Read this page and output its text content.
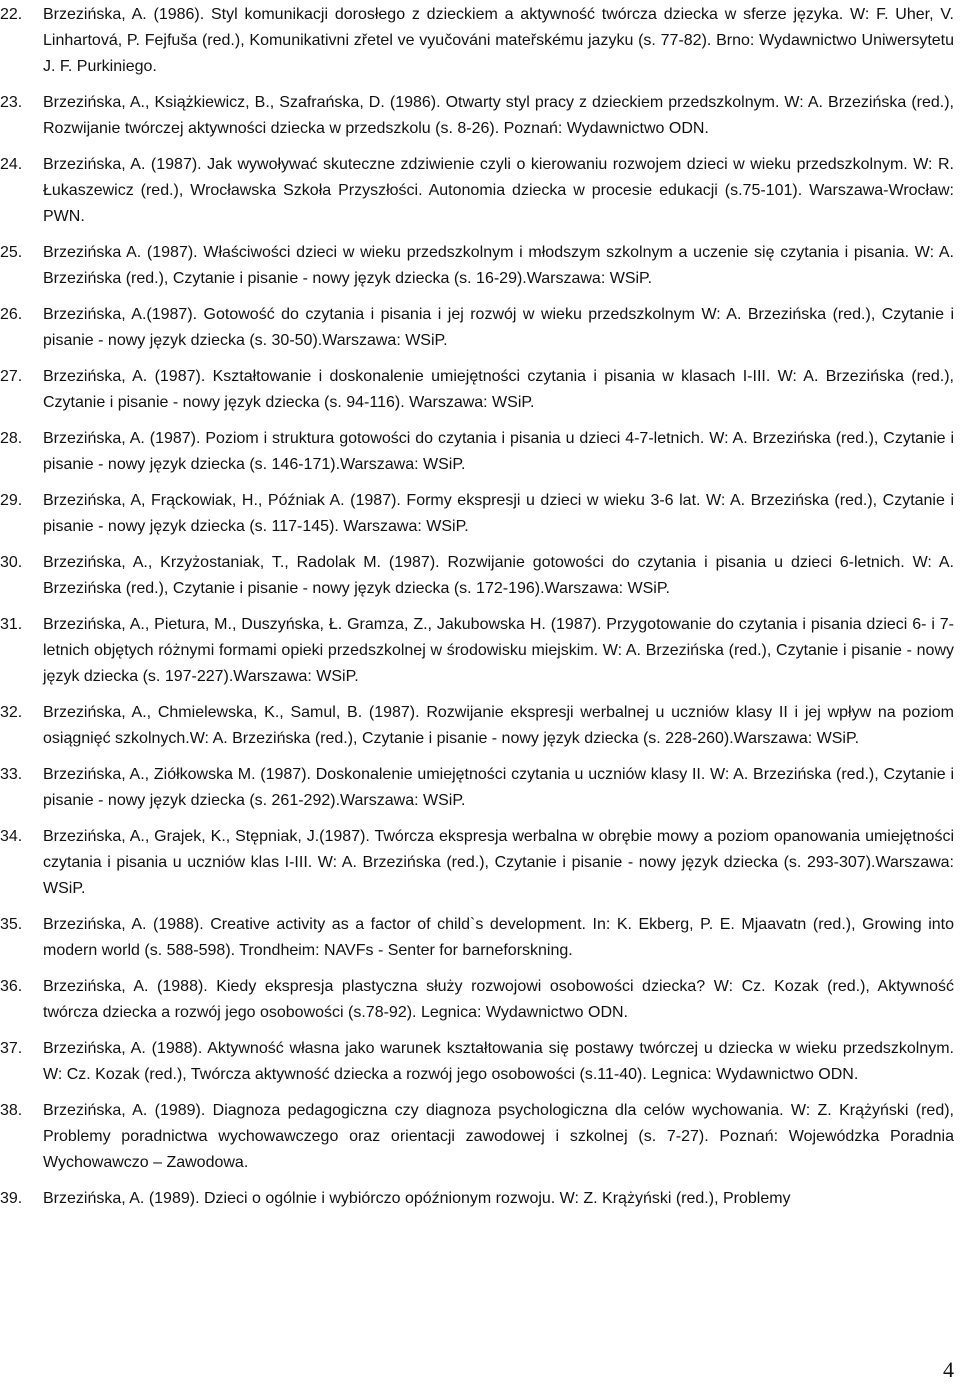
22. Brzezińska, A. (1986). Styl komunikacji dorosłego z dzieckiem a aktywność twórcza dziecka w sferze języka. W: F. Uher, V. Linhartová, P. Fejfuša (red.), Komunikativni zřetel ve vyučováni mateřskému jazyku (s. 77-82). Brno: Wydawnictwo Uniwersytetu J. F. Purkiniego.
23. Brzezińska, A., Książkiewicz, B., Szafrańska, D. (1986). Otwarty styl pracy z dzieckiem przedszkolnym. W: A. Brzezińska (red.), Rozwijanie twórczej aktywności dziecka w przedszkolu (s. 8-26). Poznań: Wydawnictwo ODN.
24. Brzezińska, A. (1987). Jak wywoływać skuteczne zdziwienie czyli o kierowaniu rozwojem dzieci w wieku przedszkolnym. W: R. Łukaszewicz (red.), Wrocławska Szkoła Przyszłości. Autonomia dziecka w procesie edukacji (s.75-101). Warszawa-Wrocław: PWN.
25. Brzezińska A. (1987). Właściwości dzieci w wieku przedszkolnym i młodszym szkolnym a uczenie się czytania i pisania. W: A. Brzezińska (red.), Czytanie i pisanie - nowy język dziecka (s. 16-29).Warszawa: WSiP.
26. Brzezińska, A.(1987). Gotowość do czytania i pisania i jej rozwój w wieku przedszkolnym W: A. Brzezińska (red.), Czytanie i pisanie - nowy język dziecka (s. 30-50).Warszawa: WSiP.
27. Brzezińska, A. (1987). Kształtowanie i doskonalenie umiejętności czytania i pisania w klasach I-III. W: A. Brzezińska (red.), Czytanie i pisanie - nowy język dziecka (s. 94-116). Warszawa: WSiP.
28. Brzezińska, A. (1987). Poziom i struktura gotowości do czytania i pisania u dzieci 4-7-letnich. W: A. Brzezińska (red.), Czytanie i pisanie - nowy język dziecka (s. 146-171).Warszawa: WSiP.
29. Brzezińska, A, Frąckowiak, H., Późniak A. (1987). Formy ekspresji u dzieci w wieku 3-6 lat. W: A. Brzezińska (red.), Czytanie i pisanie - nowy język dziecka (s. 117-145). Warszawa: WSiP.
30. Brzezińska, A., Krzyżostaniak, T., Radolak M. (1987). Rozwijanie gotowości do czytania i pisania u dzieci 6-letnich. W: A. Brzezińska (red.), Czytanie i pisanie - nowy język dziecka (s. 172-196).Warszawa: WSiP.
31. Brzezińska, A., Pietura, M., Duszyńska, Ł. Gramza, Z., Jakubowska H. (1987). Przygotowanie do czytania i pisania dzieci 6- i 7-letnich objętych różnymi formami opieki przedszkolnej w środowisku miejskim. W: A. Brzezińska (red.), Czytanie i pisanie - nowy język dziecka (s. 197-227).Warszawa: WSiP.
32. Brzezińska, A., Chmielewska, K., Samul, B. (1987). Rozwijanie ekspresji werbalnej u uczniów klasy II i jej wpływ na poziom osiągnięć szkolnych.W: A. Brzezińska (red.), Czytanie i pisanie - nowy język dziecka (s. 228-260).Warszawa: WSiP.
33. Brzezińska, A., Ziółkowska M. (1987). Doskonalenie umiejętności czytania u uczniów klasy II. W: A. Brzezińska (red.), Czytanie i pisanie - nowy język dziecka (s. 261-292).Warszawa: WSiP.
34. Brzezińska, A., Grajek, K., Stępniak, J.(1987). Twórcza ekspresja werbalna w obrębie mowy a poziom opanowania umiejętności czytania i pisania u uczniów klas I-III. W: A. Brzezińska (red.), Czytanie i pisanie - nowy język dziecka (s. 293-307).Warszawa: WSiP.
35. Brzezińska, A. (1988). Creative activity as a factor of child`s development. In: K. Ekberg, P. E. Mjaavatn (red.), Growing into modern world (s. 588-598). Trondheim: NAVFs - Senter for barneforskning.
36. Brzezińska, A. (1988). Kiedy ekspresja plastyczna służy rozwojowi osobowości dziecka? W: Cz. Kozak (red.), Aktywność twórcza dziecka a rozwój jego osobowości (s.78-92). Legnica: Wydawnictwo ODN.
37. Brzezińska, A. (1988). Aktywność własna jako warunek kształtowania się postawy twórczej u dziecka w wieku przedszkolnym. W: Cz. Kozak (red.), Twórcza aktywność dziecka a rozwój jego osobowości (s.11-40). Legnica: Wydawnictwo ODN.
38. Brzezińska, A. (1989). Diagnoza pedagogiczna czy diagnoza psychologiczna dla celów wychowania. W: Z. Krążyński (red), Problemy poradnictwa wychowawczego oraz orientacji zawodowej i szkolnej (s. 7-27). Poznań: Wojewódzka Poradnia Wychowawczo – Zawodowa.
39. Brzezińska, A. (1989). Dzieci o ogólnie i wybiórczo opóźnionym rozwoju. W: Z. Krążyński (red.), Problemy
4
